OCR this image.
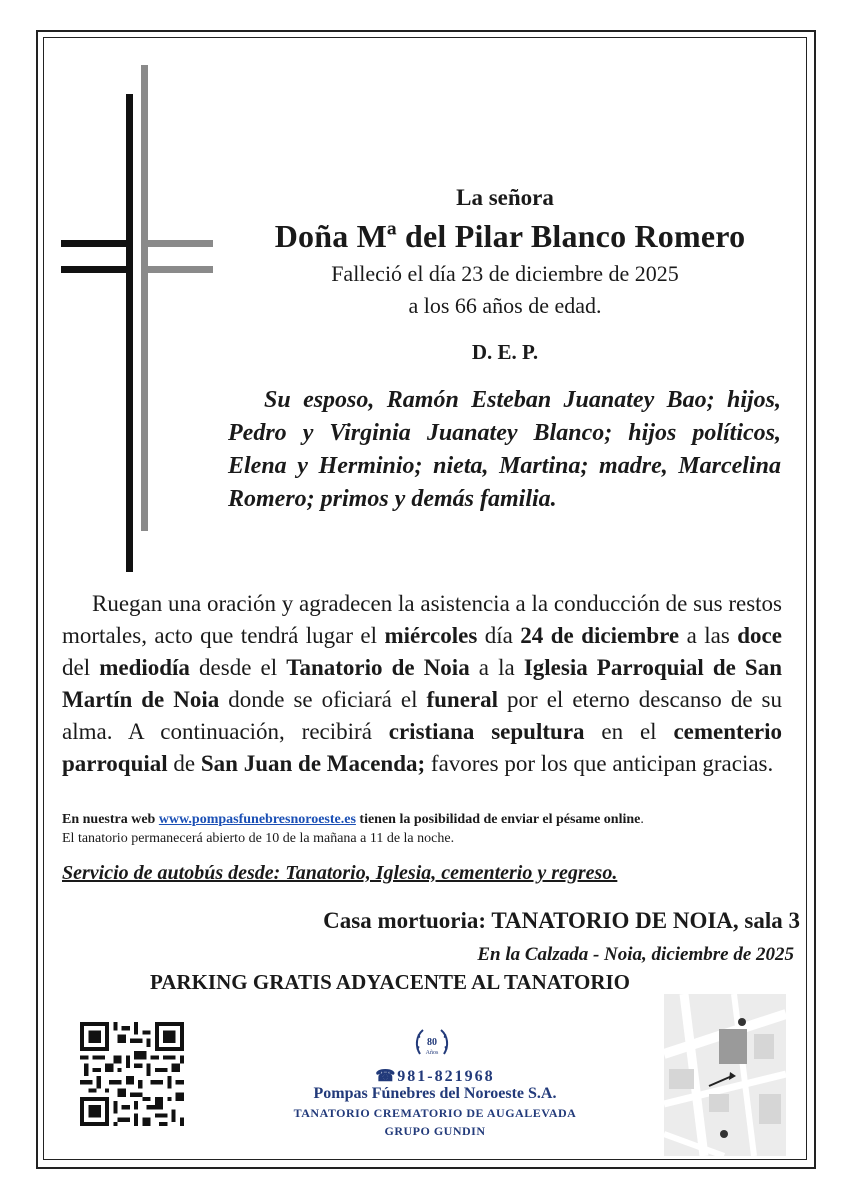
La señora
Doña Mª del Pilar Blanco Romero
Falleció el día 23 de diciembre de 2025
a los 66 años de edad.
D. E. P.
Su esposo, Ramón Esteban Juanatey Bao; hijos, Pedro y Virginia Juanatey Blanco; hijos políticos, Elena y Herminio; nieta, Martina; madre, Marcelina Romero; primos y demás familia.
Ruegan una oración y agradecen la asistencia a la conducción de sus restos mortales, acto que tendrá lugar el miércoles día 24 de diciembre a las doce del mediodía desde el Tanatorio de Noia a la Iglesia Parroquial de San Martín de Noia donde se oficiará el funeral por el eterno descanso de su alma. A continuación, recibirá cristiana sepultura en el cementerio parroquial de San Juan de Macenda; favores por los que anticipan gracias.
En nuestra web www.pompasfunebresnoroeste.es tienen la posibilidad de enviar el pésame online.
El tanatorio permanecerá abierto de 10 de la mañana a 11 de la noche.
Servicio de autobús desde: Tanatorio, Iglesia, cementerio y regreso.
Casa mortuoria: TANATORIO DE NOIA, sala 3
En la Calzada - Noia, diciembre de 2025
PARKING GRATIS ADYACENTE AL TANATORIO
80
Años
☎981-821968
Pompas Fúnebres del Noroeste S.A.
TANATORIO CREMATORIO DE AUGALEVADA
GRUPO GUNDIN
